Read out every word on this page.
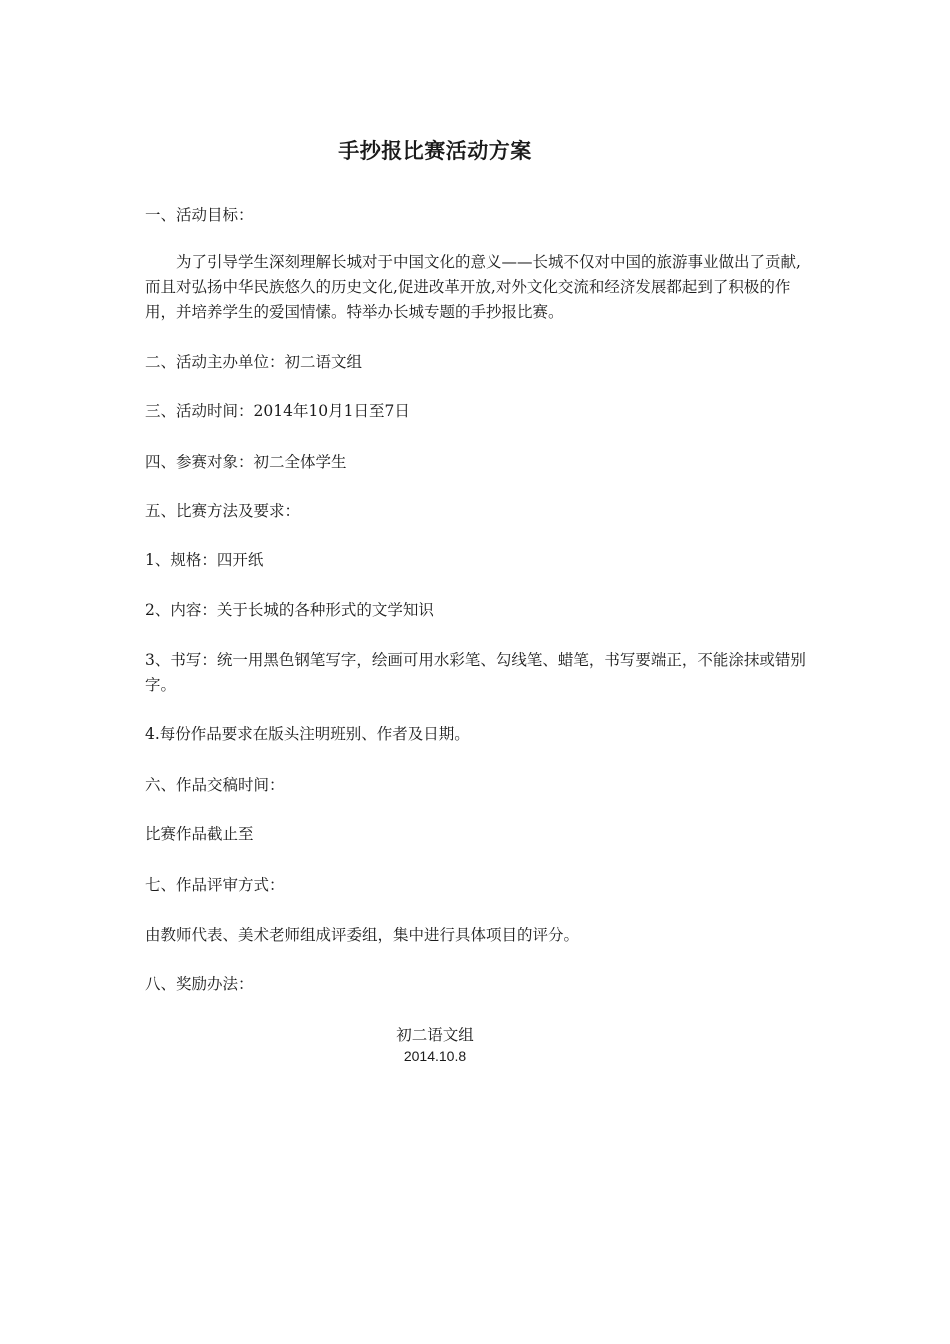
手抄报比赛活动方案

一、活动目标：

为了引导学生深刻理解长城对于中国文化的意义——长城不仅对中国的旅游事业做出了贡献,而且对弘扬中华民族悠久的历史文化,促进改革开放,对外文化交流和经济发展都起到了积极的作用，并培养学生的爱国情愫。特举办长城专题的手抄报比赛。

二、活动主办单位：初二语文组

三、活动时间：2014年10月1日至7日

四、参赛对象：初二全体学生

五、比赛方法及要求：

1、规格：四开纸

2、内容：关于长城的各种形式的文学知识

3、书写：统一用黑色钢笔写字，绘画可用水彩笔、勾线笔、蜡笔，书写要端正，不能涂抹或错别字。

4.每份作品要求在版头注明班别、作者及日期。

六、作品交稿时间：

比赛作品截止至

七、作品评审方式：

由教师代表、美术老师组成评委组，集中进行具体项目的评分。

八、奖励办法：

初二语文组
2014.10.8
